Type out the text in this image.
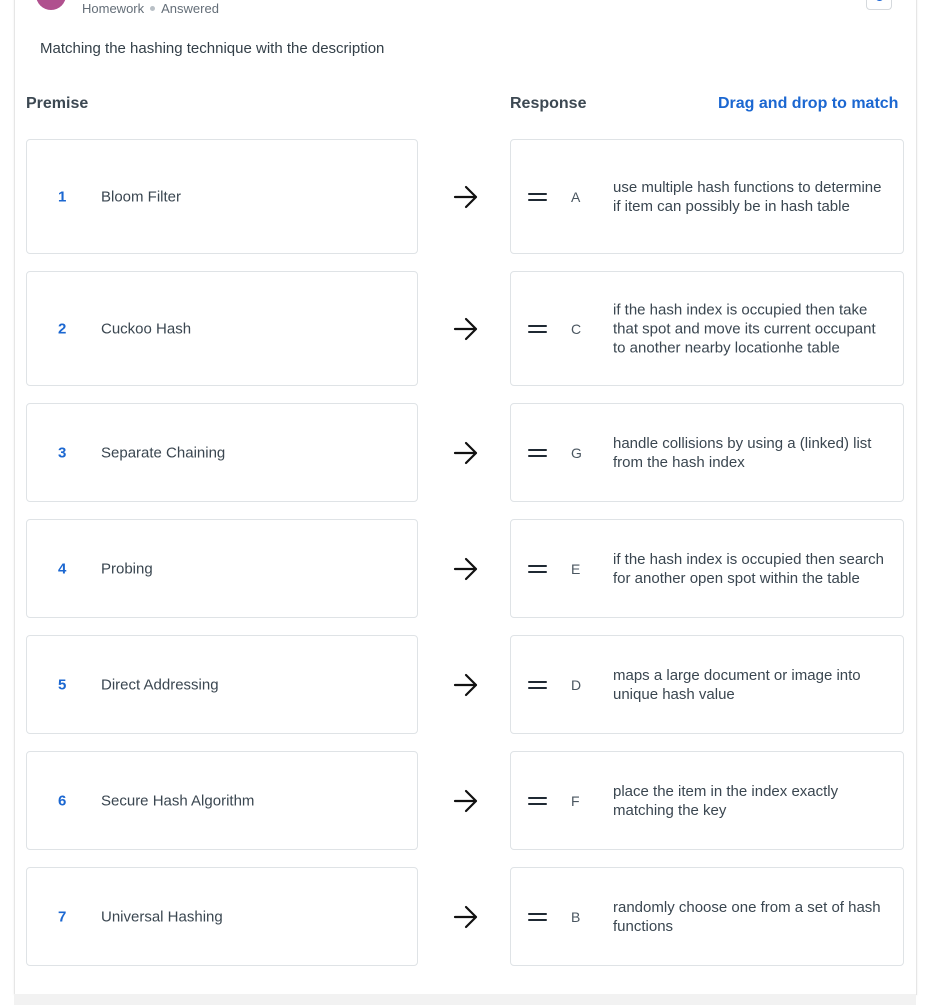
Homework Answered
Matching the hashing technique with the description
Premise	Response	Drag and drop to match
1 Bloom Filter	A
use multiple hash functions to determine if item can possibly be in hash table
2 Cuckoo Hash	C
if the hash index is occupied then take that spot and move its current occupant to another nearby locationhe table
3 Separate Chaining	G
handle collisions by using a (linked) list from the hash index
4 Probing	E
if the hash index is occupied then search for another open spot within the table
5 Direct Addressing	D
maps a large document or image into unique hash value
6 Secure Hash Algorithm	F
place the item in the index exactly matching the key
7 Universal Hashing	B
randomly choose one from a set of hash functions
